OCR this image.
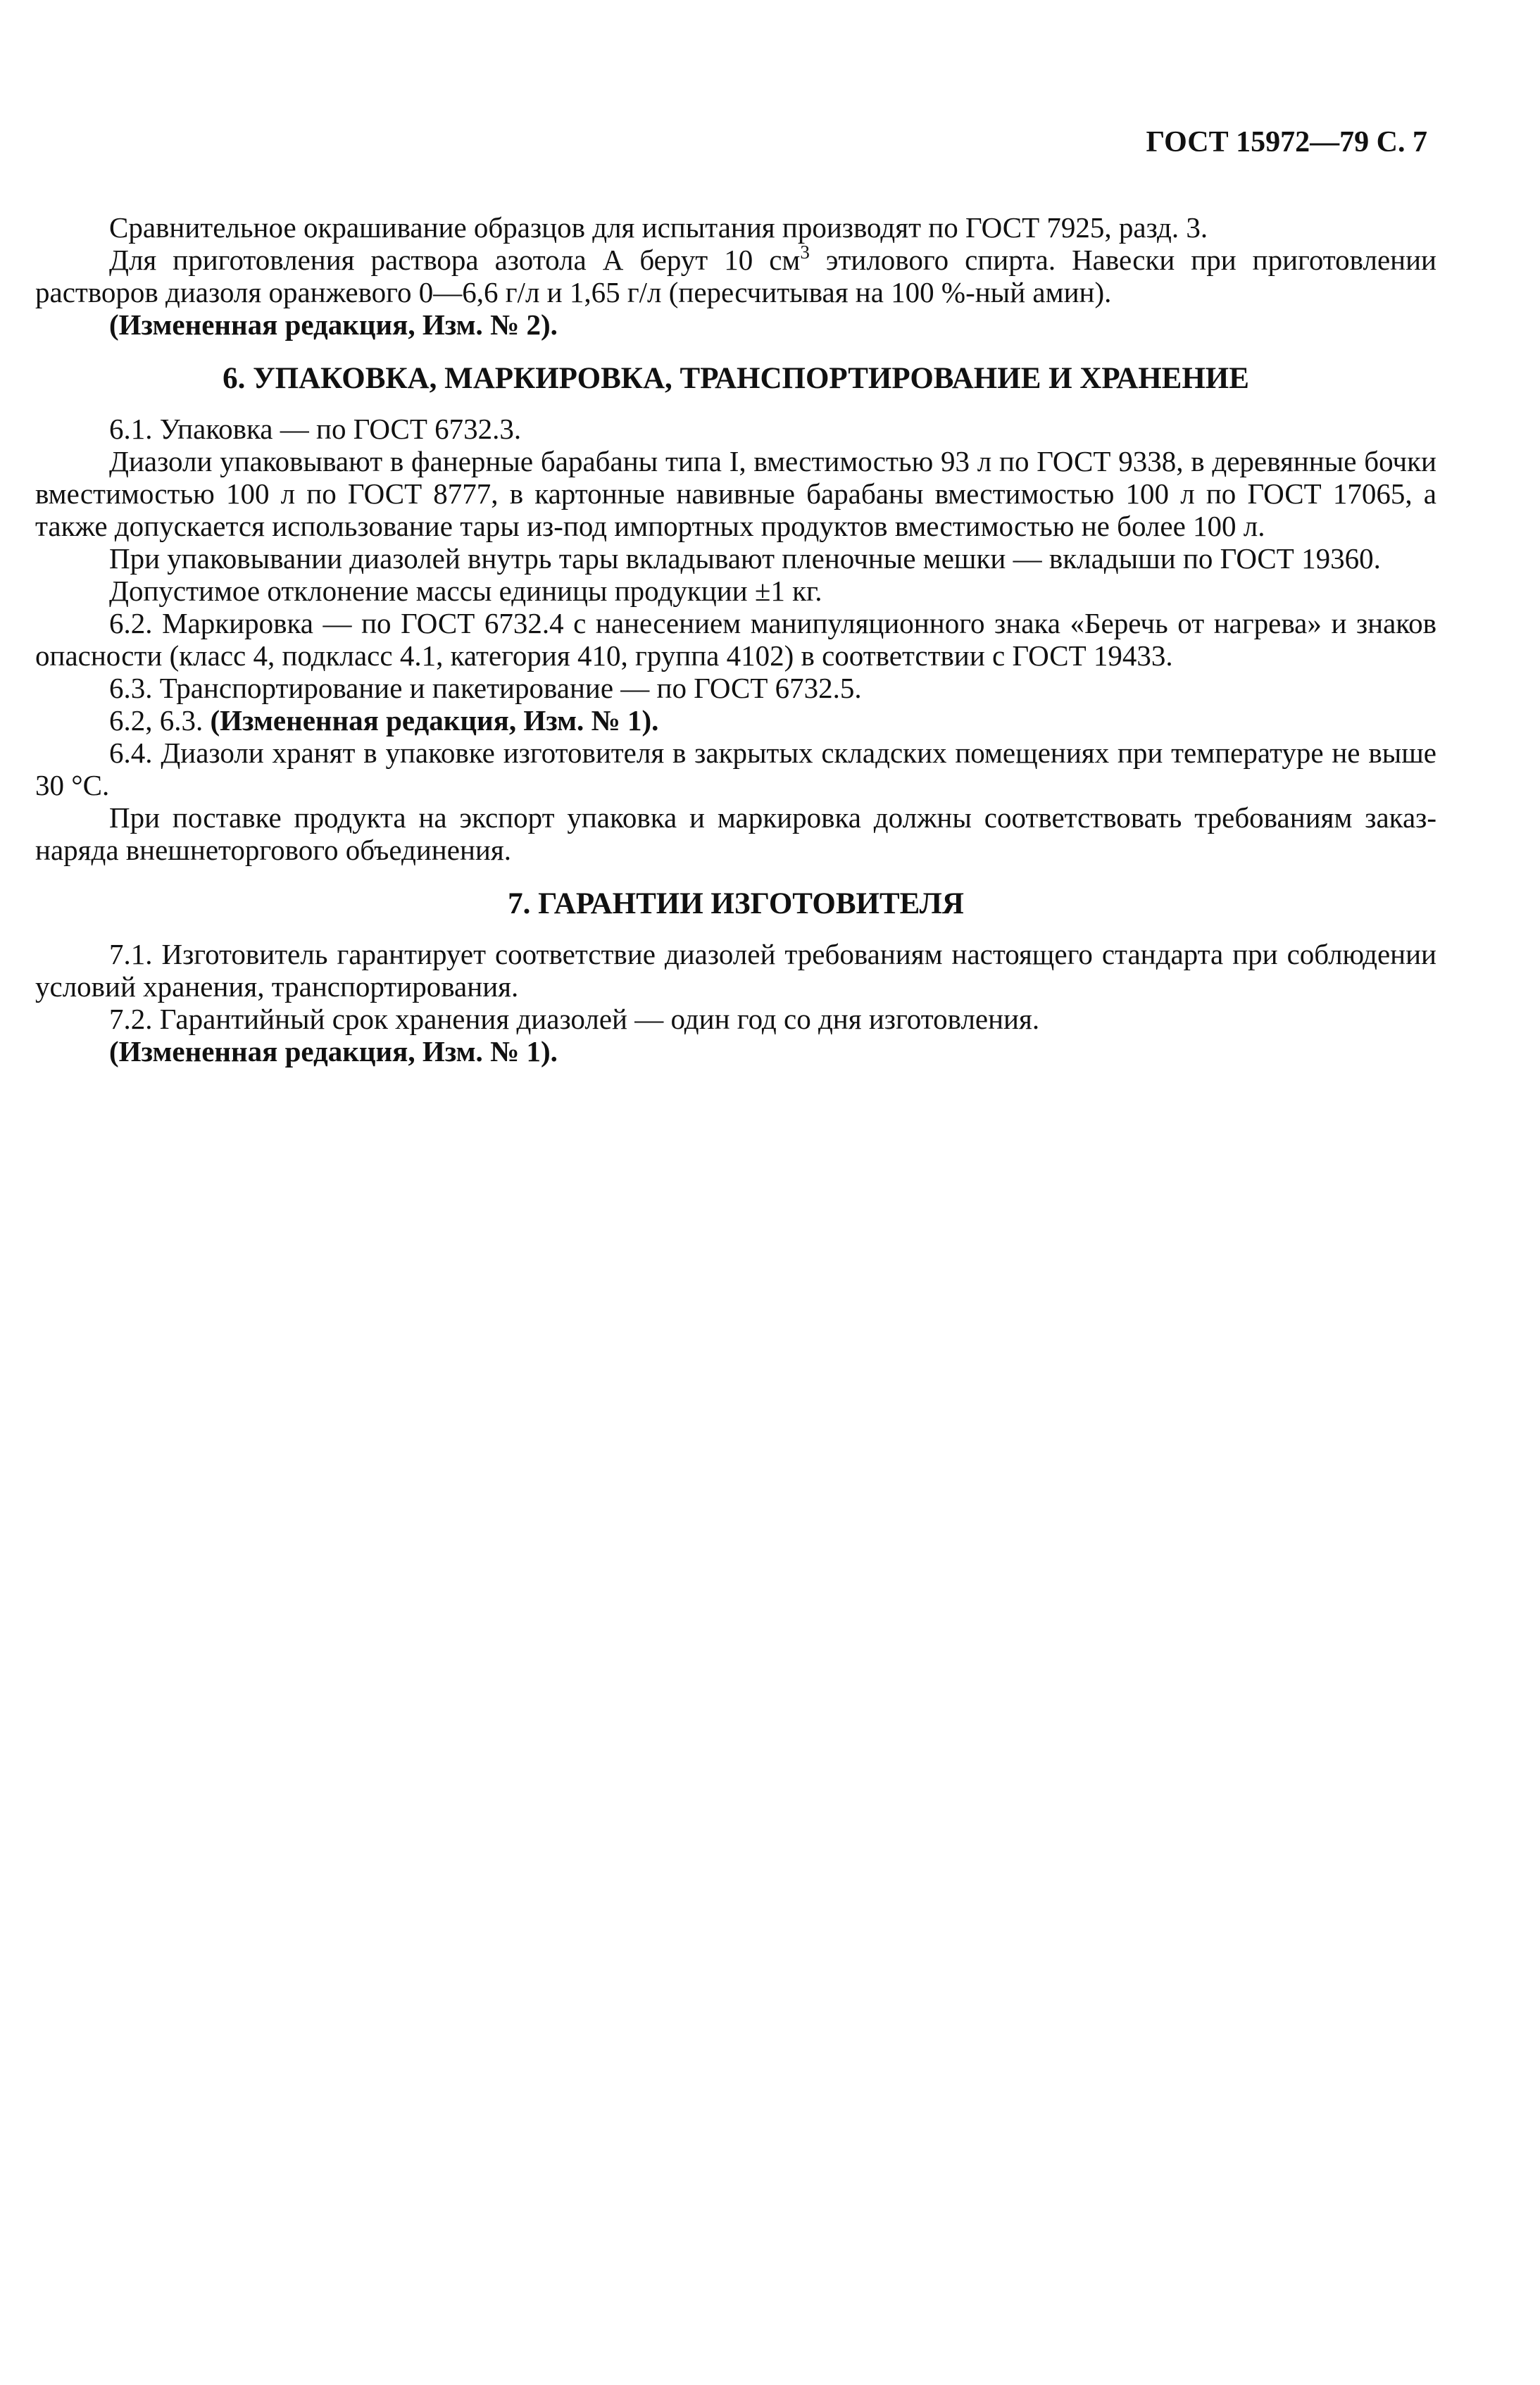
ГОСТ 15972—79 С. 7

Сравнительное окрашивание образцов для испытания производят по ГОСТ 7925, разд. 3.

Для приготовления раствора азотола А берут 10 $см^3$ этилового спирта. Навески при приготовлении растворов диазоля оранжевого 0—6,6 г/л и 1,65 г/л (пересчитывая на 100 %-ный амин).

(Измененная редакция, Изм. № 2).

6. УПАКОВКА, МАРКИРОВКА, ТРАНСПОРТИРОВАНИЕ И ХРАНЕНИЕ

6.1. Упаковка — по ГОСТ 6732.3.

Диазоли упаковывают в фанерные барабаны типа I, вместимостью 93 л по ГОСТ 9338, в деревянные бочки вместимостью 100 л по ГОСТ 8777, в картонные навивные барабаны вместимостью 100 л по ГОСТ 17065, а также допускается использование тары из-под импортных продуктов вместимостью не более 100 л.

При упаковывании диазолей внутрь тары вкладывают пленочные мешки — вкладыши по ГОСТ 19360.

Допустимое отклонение массы единицы продукции ±1 кг.

6.2. Маркировка — по ГОСТ 6732.4 с нанесением манипуляционного знака «Беречь от нагрева» и знаков опасности (класс 4, подкласс 4.1, категория 410, группа 4102) в соответствии с ГОСТ 19433.

6.3. Транспортирование и пакетирование — по ГОСТ 6732.5.

6.2, 6.3. (Измененная редакция, Изм. № 1).

6.4. Диазоли хранят в упаковке изготовителя в закрытых складских помещениях при температуре не выше 30 °С.

При поставке продукта на экспорт упаковка и маркировка должны соответствовать требованиям заказ-наряда внешнеторгового объединения.

7. ГАРАНТИИ ИЗГОТОВИТЕЛЯ

7.1. Изготовитель гарантирует соответствие диазолей требованиям настоящего стандарта при соблюдении условий хранения, транспортирования.

7.2. Гарантийный срок хранения диазолей — один год со дня изготовления.

(Измененная редакция, Изм. № 1).
